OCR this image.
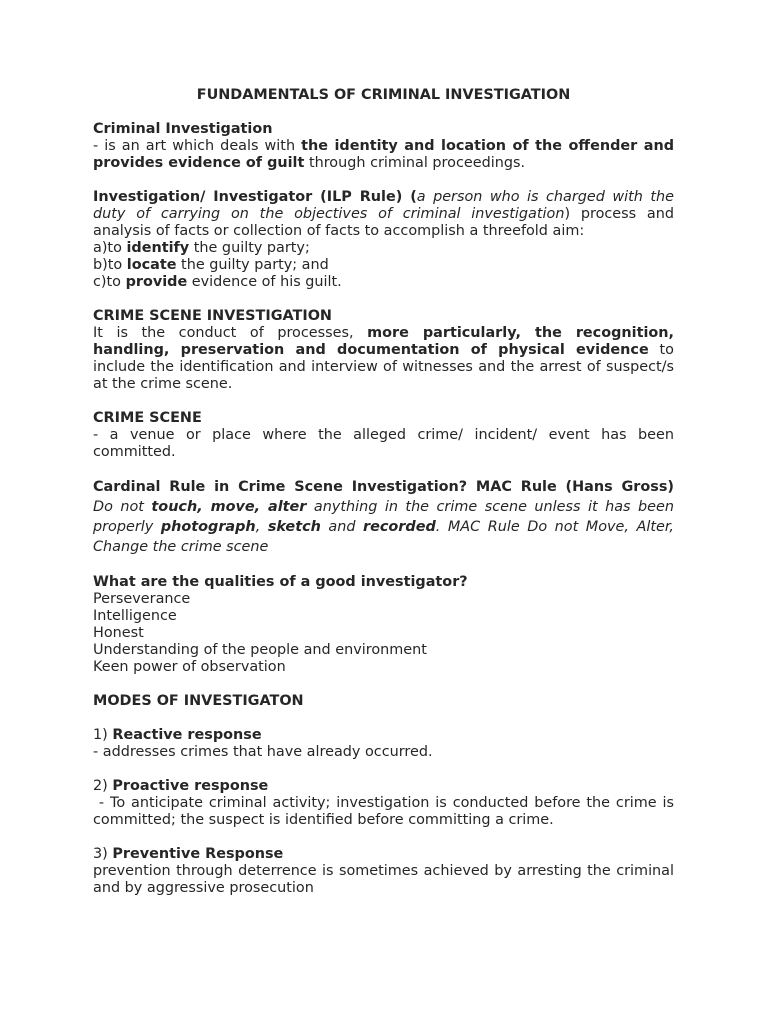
FUNDAMENTALS OF CRIMINAL INVESTIGATION

Criminal Investigation
- is an art which deals with the identity and location of the offender and provides evidence of guilt through criminal proceedings.

Investigation/ Investigator (ILP Rule) (a person who is charged with the duty of carrying on the objectives of criminal investigation) process and analysis of facts or collection of facts to accomplish a threefold aim:
a)to identify the guilty party;
b)to locate the guilty party; and
c)to provide evidence of his guilt.

CRIME SCENE INVESTIGATION
It is the conduct of processes, more particularly, the recognition, handling, preservation and documentation of physical evidence to include the identification and interview of witnesses and the arrest of suspect/s at the crime scene.

CRIME SCENE
- a venue or place where the alleged crime/ incident/ event has been committed.

Cardinal Rule in Crime Scene Investigation? MAC Rule (Hans Gross)
Do not touch, move, alter anything in the crime scene unless it has been properly photograph, sketch and recorded. MAC Rule Do not Move, Alter, Change the crime scene

What are the qualities of a good investigator?
Perseverance
Intelligence
Honest
Understanding of the people and environment
Keen power of observation

MODES OF INVESTIGATON

1) Reactive response
- addresses crimes that have already occurred.

2) Proactive response
- To anticipate criminal activity; investigation is conducted before the crime is committed; the suspect is identified before committing a crime.

3) Preventive Response
prevention through deterrence is sometimes achieved by arresting the criminal and by aggressive prosecution
